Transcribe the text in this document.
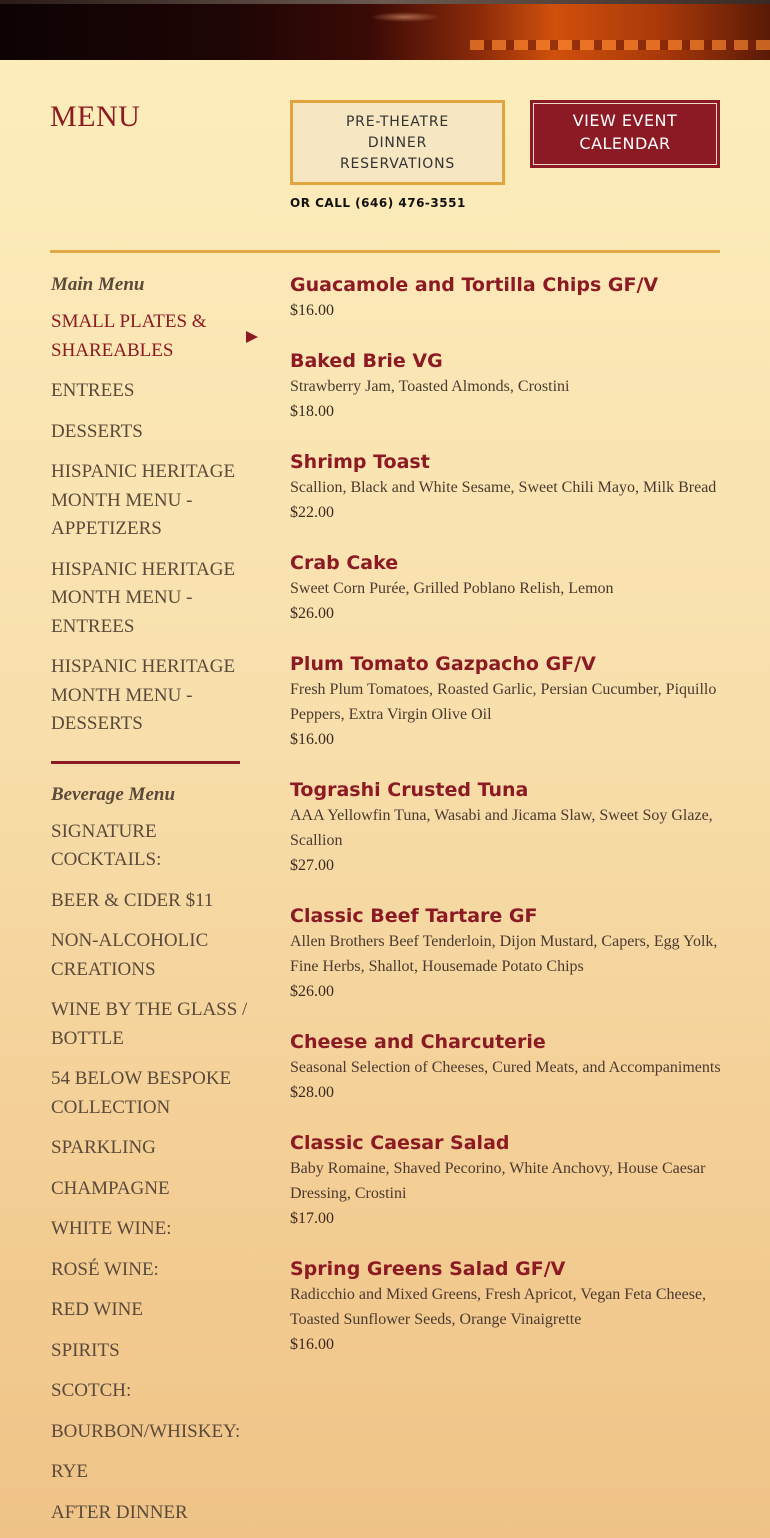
MENU	PRE-THEATRE DINNER RESERVATIONS
VIEW EVENT CALENDAR
OR CALL (646) 476-3551
Main Menu
SMALL PLATES & SHAREABLES
ENTREES
DESSERTS
HISPANIC HERITAGE MONTH MENU - APPETIZERS
HISPANIC HERITAGE MONTH MENU - ENTREES
HISPANIC HERITAGE MONTH MENU - DESSERTS
Beverage Menu
SIGNATURE COCKTAILS:
BEER & CIDER $11
NON-ALCOHOLIC CREATIONS
WINE BY THE GLASS / BOTTLE
54 BELOW BESPOKE COLLECTION
SPARKLING
CHAMPAGNE
WHITE WINE:
ROSÉ WINE:
RED WINE
SPIRITS
SCOTCH:
BOURBON/WHISKEY:
RYE
AFTER DINNER
Guacamole and Tortilla Chips GF/V

$16.00

Baked Brie VG

Strawberry Jam, Toasted Almonds, Crostini

$18.00

Shrimp Toast

Scallion, Black and White Sesame, Sweet Chili Mayo, Milk Bread

$22.00

Crab Cake

Sweet Corn Purée, Grilled Poblano Relish, Lemon

$26.00

Plum Tomato Gazpacho GF/V

Fresh Plum Tomatoes, Roasted Garlic, Persian Cucumber, Piquillo Peppers, Extra Virgin Olive Oil

$16.00

Tograshi Crusted Tuna

AAA Yellowfin Tuna, Wasabi and Jicama Slaw, Sweet Soy Glaze, Scallion

$27.00

Classic Beef Tartare GF

Allen Brothers Beef Tenderloin, Dijon Mustard, Capers, Egg Yolk, Fine Herbs, Shallot, Housemade Potato Chips

$26.00

Cheese and Charcuterie

Seasonal Selection of Cheeses, Cured Meats, and Accompaniments

$28.00

Classic Caesar Salad

Baby Romaine, Shaved Pecorino, White Anchovy, House Caesar Dressing, Crostini

$17.00

Spring Greens Salad GF/V

Radicchio and Mixed Greens, Fresh Apricot, Vegan Feta Cheese, Toasted Sunflower Seeds, Orange Vinaigrette

$16.00
